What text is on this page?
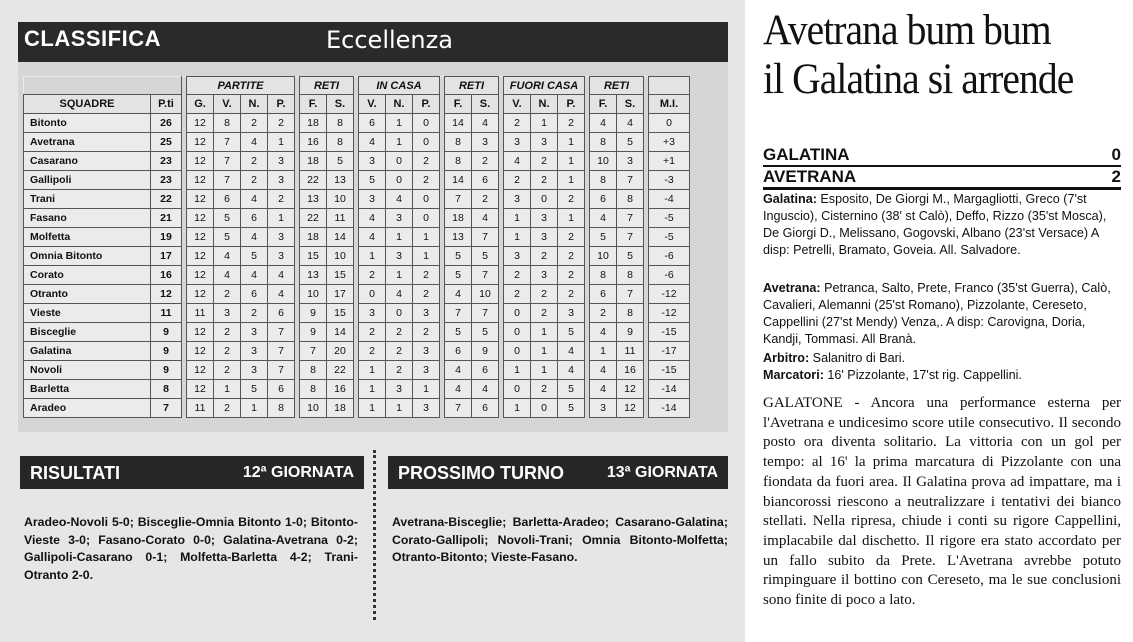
CLASSIFICA	Eccellenza
			PARTITE					RETI			IN CASA				RETI			FUORI CASA				RETI			
SQUADRE	P.ti		G.	V.	N.	P.		F.	S.		V.	N.	P.		F.	S.		V.	N.	P.		F.	S.		M.I.
Bitonto	26		12	8	2	2		18	8		6	1	0		14	4		2	1	2		4	4		0
Avetrana	25		12	7	4	1		16	8		4	1	0		8	3		3	3	1		8	5		+3
Casarano	23		12	7	2	3		18	5		3	0	2		8	2		4	2	1		10	3		+1
Gallipoli	23		12	7	2	3		22	13		5	0	2		14	6		2	2	1		8	7		-3
Trani	22		12	6	4	2		13	10		3	4	0		7	2		3	0	2		6	8		-4
Fasano	21		12	5	6	1		22	11		4	3	0		18	4		1	3	1		4	7		-5
Molfetta	19		12	5	4	3		18	14		4	1	1		13	7		1	3	2		5	7		-5
Omnia Bitonto	17		12	4	5	3		15	10		1	3	1		5	5		3	2	2		10	5		-6
Corato	16		12	4	4	4		13	15		2	1	2		5	7		2	3	2		8	8		-6
Otranto	12		12	2	6	4		10	17		0	4	2		4	10		2	2	2		6	7		-12
Vieste	11		11	3	2	6		9	15		3	0	3		7	7		0	2	3		2	8		-12
Bisceglie	9		12	2	3	7		9	14		2	2	2		5	5		0	1	5		4	9		-15
Galatina	9		12	2	3	7		7	20		2	2	3		6	9		0	1	4		1	11		-17
Novoli	9		12	2	3	7		8	22		1	2	3		4	6		1	1	4		4	16		-15
Barletta	8		12	1	5	6		8	16		1	3	1		4	4		0	2	5		4	12		-14
Aradeo	7		11	2	1	8		10	18		1	1	3		7	6		1	0	5		3	12		-14
RISULTATI	12ª GIORNATA PROSSIMO TURNO	13ª GIORNATA
Aradeo-Novoli 5-0; Bisceglie-Omnia Bitonto 1-0; Bitonto-Vieste 3-0; Fasano-Corato 0-0; Galatina-Avetrana 0-2; Gallipoli-Casarano 0-1; Molfetta-Barletta 4-2; Trani-Otranto 2-0.
Avetrana-Bisceglie; Barletta-Aradeo; Casarano-Galatina; Corato-Gallipoli; Novoli-Trani; Omnia Bitonto-Molfetta; Otranto-Bitonto; Vieste-Fasano.
Avetrana bum bum
il Galatina si arrende
GALATINA	0
AVETRANA	2
Galatina: Esposito, De Giorgi M., Margagliotti, Greco (7'st Inguscio), Cisternino (38' st Calò), Deffo, Rizzo (35'st Mosca), De Giorgi D., Melissano, Gogovski, Albano (23'st Versace) A disp: Petrelli, Bramato, Goveia. All. Salvadore.
Avetrana: Petranca, Salto, Prete, Franco (35'st Guerra), Calò, Cavalieri, Alemanni (25'st Romano), Pizzolante, Cereseto, Cappellini (27'st Mendy) Venza,. A disp: Carovigna, Doria, Kandji, Tommasi. All Branà.
Arbitro: Salanitro di Bari.
Marcatori: 16' Pizzolante, 17'st rig. Cappellini.
GALATONE - Ancora una performance esterna per l'Avetrana e undicesimo score utile consecutivo. Il secondo posto ora diventa solitario. La vittoria con un gol per tempo: al 16' la prima marcatura di Pizzolante con una fiondata da fuori area. Il Galatina prova ad impattare, ma i biancorossi riescono a neutralizzare i tentativi dei bianco stellati. Nella ripresa, chiude i conti su rigore Cappellini, implacabile dal dischetto. Il rigore era stato accordato per un fallo subito da Prete. L'Avetrana avrebbe potuto rimpinguare il bottino con Cereseto, ma le sue conclusioni sono finite di poco a lato.
